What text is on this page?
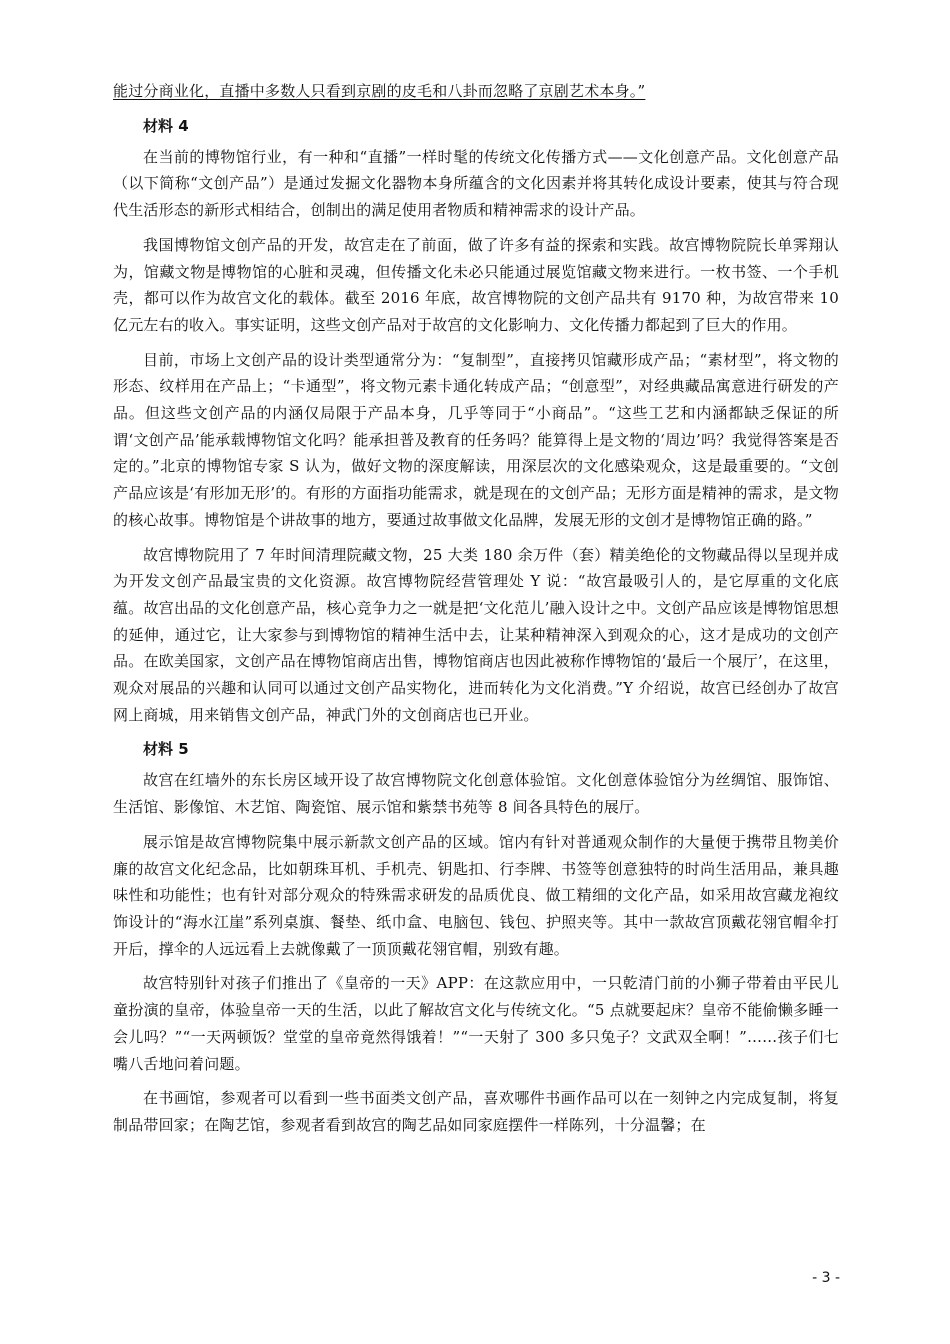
能过分商业化，直播中多数人只看到京剧的皮毛和八卦而忽略了京剧艺术本身。”

材料 4

在当前的博物馆行业，有一种和“直播”一样时髦的传统文化传播方式——文化创意产品。文化创意产品（以下简称“文创产品”）是通过发掘文化器物本身所蕴含的文化因素并将其转化成设计要素，使其与符合现代生活形态的新形式相结合，创制出的满足使用者物质和精神需求的设计产品。

我国博物馆文创产品的开发，故宫走在了前面，做了许多有益的探索和实践。故宫博物院院长单霁翔认为，馆藏文物是博物馆的心脏和灵魂，但传播文化未必只能通过展览馆藏文物来进行。一枚书签、一个手机壳，都可以作为故宫文化的载体。截至 2016 年底，故宫博物院的文创产品共有 9170 种，为故宫带来 10 亿元左右的收入。事实证明，这些文创产品对于故宫的文化影响力、文化传播力都起到了巨大的作用。

目前，市场上文创产品的设计类型通常分为：“复制型”，直接拷贝馆藏形成产品；“素材型”，将文物的形态、纹样用在产品上；“卡通型”，将文物元素卡通化转成产品；“创意型”，对经典藏品寓意进行研发的产品。但这些文创产品的内涵仅局限于产品本身，几乎等同于“小商品”。“这些工艺和内涵都缺乏保证的所谓‘文创产品’能承载博物馆文化吗？能承担普及教育的任务吗？能算得上是文物的‘周边’吗？我觉得答案是否定的。”北京的博物馆专家 S 认为，做好文物的深度解读，用深层次的文化感染观众，这是最重要的。“文创产品应该是‘有形加无形’的。有形的方面指功能需求，就是现在的文创产品；无形方面是精神的需求，是文物的核心故事。博物馆是个讲故事的地方，要通过故事做文化品牌，发展无形的文创才是博物馆正确的路。”

故宫博物院用了 7 年时间清理院藏文物，25 大类 180 余万件（套）精美绝伦的文物藏品得以呈现并成为开发文创产品最宝贵的文化资源。故宫博物院经营管理处 Y 说：“故宫最吸引人的，是它厚重的文化底蕴。故宫出品的文化创意产品，核心竞争力之一就是把‘文化范儿’融入设计之中。文创产品应该是博物馆思想的延伸，通过它，让大家参与到博物馆的精神生活中去，让某种精神深入到观众的心，这才是成功的文创产品。在欧美国家，文创产品在博物馆商店出售，博物馆商店也因此被称作博物馆的‘最后一个展厅’，在这里，观众对展品的兴趣和认同可以通过文创产品实物化，进而转化为文化消费。”Y 介绍说，故宫已经创办了故宫网上商城，用来销售文创产品，神武门外的文创商店也已开业。

材料 5

故宫在红墙外的东长房区域开设了故宫博物院文化创意体验馆。文化创意体验馆分为丝绸馆、服饰馆、生活馆、影像馆、木艺馆、陶瓷馆、展示馆和紫禁书苑等 8 间各具特色的展厅。

展示馆是故宫博物院集中展示新款文创产品的区域。馆内有针对普通观众制作的大量便于携带且物美价廉的故宫文化纪念品，比如朝珠耳机、手机壳、钥匙扣、行李牌、书签等创意独特的时尚生活用品，兼具趣味性和功能性；也有针对部分观众的特殊需求研发的品质优良、做工精细的文化产品，如采用故宫藏龙袍纹饰设计的“海水江崖”系列桌旗、餐垫、纸巾盒、电脑包、钱包、护照夹等。其中一款故宫顶戴花翎官帽伞打开后，撑伞的人远远看上去就像戴了一顶顶戴花翎官帽，别致有趣。

故宫特别针对孩子们推出了《皇帝的一天》APP：在这款应用中，一只乾清门前的小狮子带着由平民儿童扮演的皇帝，体验皇帝一天的生活，以此了解故宫文化与传统文化。“5 点就要起床？皇帝不能偷懒多睡一会儿吗？”“一天两顿饭？堂堂的皇帝竟然得饿着！”“一天射了 300 多只兔子？文武双全啊！”……孩子们七嘴八舌地问着问题。

在书画馆，参观者可以看到一些书面类文创产品，喜欢哪件书画作品可以在一刻钟之内完成复制，将复制品带回家；在陶艺馆，参观者看到故宫的陶艺品如同家庭摆件一样陈列，十分温馨；在

- 3 -
